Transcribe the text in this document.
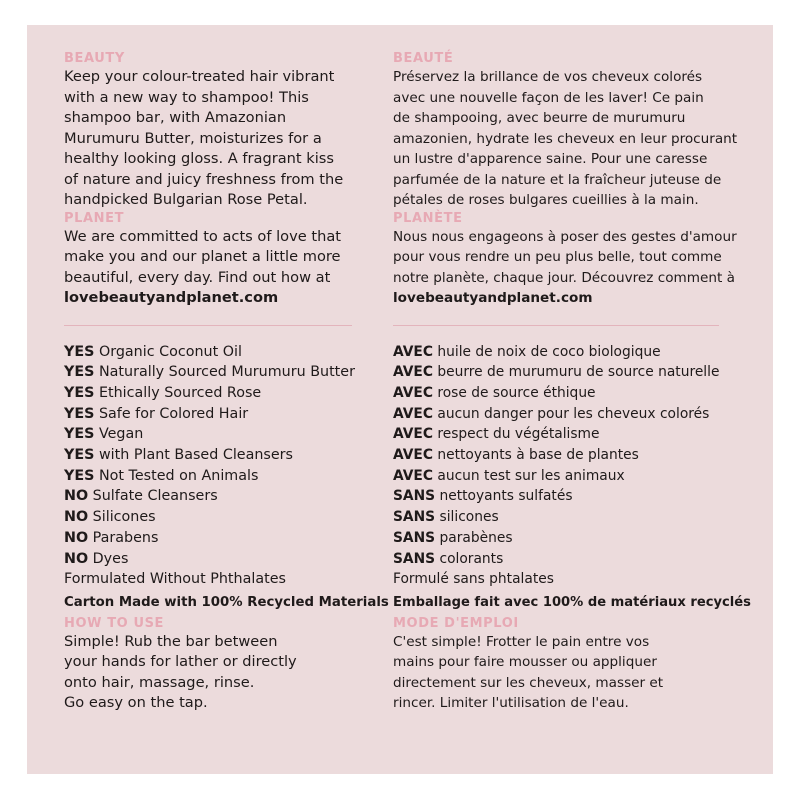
BEAUTY

Keep your colour-treated hair vibrant
with a new way to shampoo! This
shampoo bar, with Amazonian
Murumuru Butter, moisturizes for a
healthy looking gloss. A fragrant kiss
of nature and juicy freshness from the
handpicked Bulgarian Rose Petal.

PLANET

We are committed to acts of love that
make you and our planet a little more
beautiful, every day. Find out how at
lovebeautyandplanet.com
YES Organic Coconut Oil
YES Naturally Sourced Murumuru Butter
YES Ethically Sourced Rose
YES Safe for Colored Hair
YES Vegan
YES with Plant Based Cleansers
YES Not Tested on Animals
NO Sulfate Cleansers
NO Silicones
NO Parabens
NO Dyes
Formulated Without Phthalates
Carton Made with 100% Recycled Materials

HOW TO USE

Simple! Rub the bar between
your hands for lather or directly
onto hair, massage, rinse.
Go easy on the tap.

BEAUTÉ

Préservez la brillance de vos cheveux colorés
avec une nouvelle façon de les laver! Ce pain
de shampooing, avec beurre de murumuru
amazonien, hydrate les cheveux en leur procurant
un lustre d'apparence saine. Pour une caresse
parfumée de la nature et la fraîcheur juteuse de
pétales de roses bulgares cueillies à la main.

PLANÈTE

Nous nous engageons à poser des gestes d'amour
pour vous rendre un peu plus belle, tout comme
notre planète, chaque jour. Découvrez comment à
lovebeautyandplanet.com
AVEC huile de noix de coco biologique
AVEC beurre de murumuru de source naturelle
AVEC rose de source éthique
AVEC aucun danger pour les cheveux colorés
AVEC respect du végétalisme
AVEC nettoyants à base de plantes
AVEC aucun test sur les animaux
SANS nettoyants sulfatés
SANS silicones
SANS parabènes
SANS colorants
Formulé sans phtalates
Emballage fait avec 100% de matériaux recyclés

MODE D'EMPLOI

C'est simple! Frotter le pain entre vos
mains pour faire mousser ou appliquer
directement sur les cheveux, masser et
rincer. Limiter l'utilisation de l'eau.
